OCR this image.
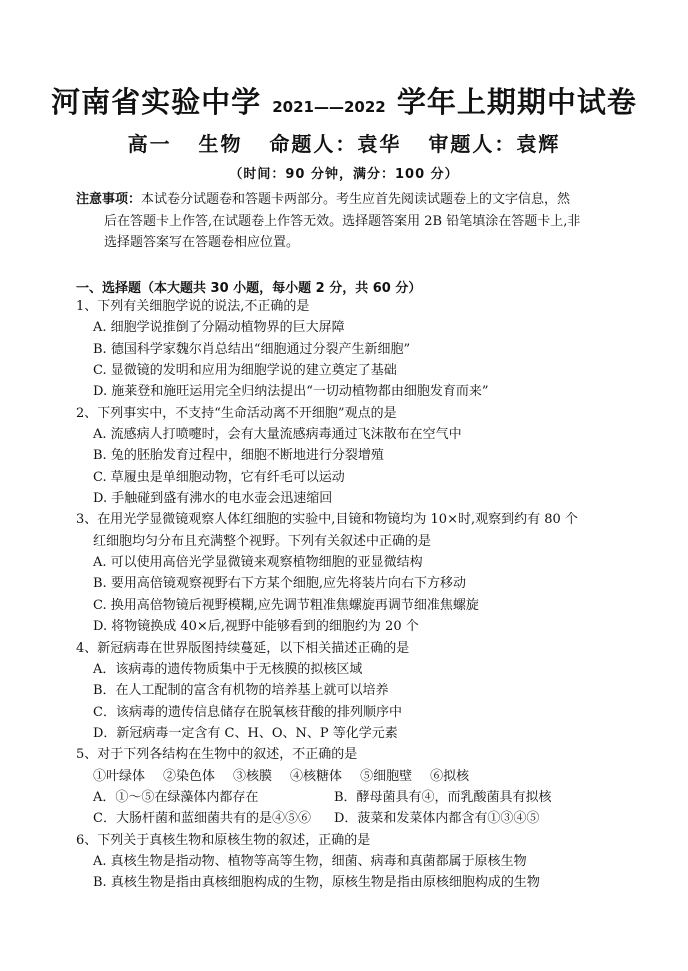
河南省实验中学 2021——2022 学年上期期中试卷
高一   生物   命题人：袁华   审题人：袁辉
（时间：90 分钟，满分：100 分）
注意事项：本试卷分试题卷和答题卡两部分。考生应首先阅读试题卷上的文字信息，然
后在答题卡上作答,在试题卷上作答无效。选择题答案用 2B 铅笔填涂在答题卡上,非
选择题答案写在答题卷相应位置。
一、选择题（本大题共 30 小题，每小题 2 分，共 60 分）
1、下列有关细胞学说的说法,不正确的是
A. 细胞学说推倒了分隔动植物界的巨大屏障
B. 德国科学家魏尔肖总结出“细胞通过分裂产生新细胞”
C. 显微镜的发明和应用为细胞学说的建立奠定了基础
D. 施莱登和施旺运用完全归纳法提出“一切动植物都由细胞发育而来”
2、下列事实中，不支持“生命活动离不开细胞”观点的是
A. 流感病人打喷嚏时，会有大量流感病毒通过飞沫散布在空气中
B. 兔的胚胎发育过程中，细胞不断地进行分裂增殖
C. 草履虫是单细胞动物，它有纤毛可以运动
D. 手触碰到盛有沸水的电水壶会迅速缩回
3、在用光学显微镜观察人体红细胞的实验中,目镜和物镜均为 10×时,观察到约有 80 个
红细胞均匀分布且充满整个视野。下列有关叙述中正确的是
A. 可以使用高倍光学显微镜来观察植物细胞的亚显微结构
B. 要用高倍镜观察视野右下方某个细胞,应先将装片向右下方移动
C. 换用高倍物镜后视野模糊,应先调节粗准焦螺旋再调节细准焦螺旋
D. 将物镜换成 40×后,视野中能够看到的细胞约为 20 个
4、新冠病毒在世界版图持续蔓延，以下相关描述正确的是
A．该病毒的遗传物质集中于无核膜的拟核区域
B．在人工配制的富含有机物的培养基上就可以培养
C．该病毒的遗传信息储存在脱氧核苷酸的排列顺序中
D．新冠病毒一定含有 C、H、O、N、P 等化学元素
5、对于下列各结构在生物中的叙述，不正确的是
①叶绿体 ②染色体 ③核膜 ④核糖体 ⑤细胞壁 ⑥拟核
A．①～⑤在绿藻体内都存在	B．酵母菌具有④，而乳酸菌具有拟核
C．大肠杆菌和蓝细菌共有的是④⑤⑥ D．菠菜和发菜体内都含有①③④⑤
6、下列关于真核生物和原核生物的叙述，正确的是
A. 真核生物是指动物、植物等高等生物，细菌、病毒和真菌都属于原核生物
B. 真核生物是指由真核细胞构成的生物，原核生物是指由原核细胞构成的生物
